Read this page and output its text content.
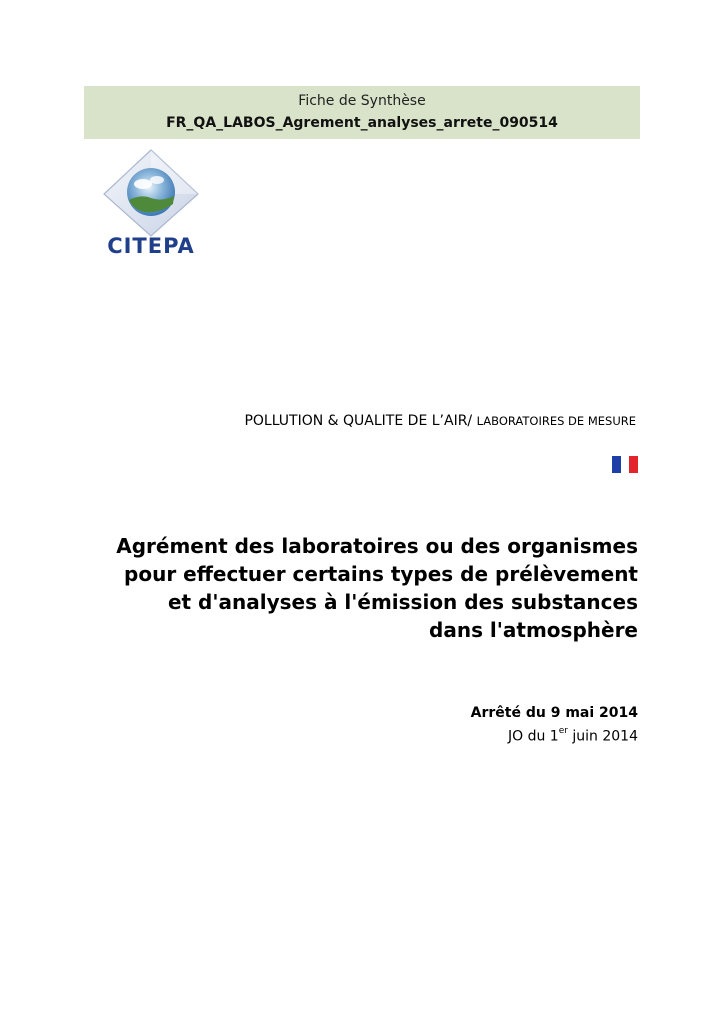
Fiche de Synthèse
FR_QA_LABOS_Agrement_analyses_arrete_090514
CITEPA
POLLUTION & QUALITE DE L’AIR/ LABORATOIRES DE MESURE
Agrément des laboratoires ou des organismes
pour effectuer certains types de prélèvement
et d'analyses à l'émission des substances
dans l'atmosphère
Arrêté du 9 mai 2014
JO du 1er juin 2014
